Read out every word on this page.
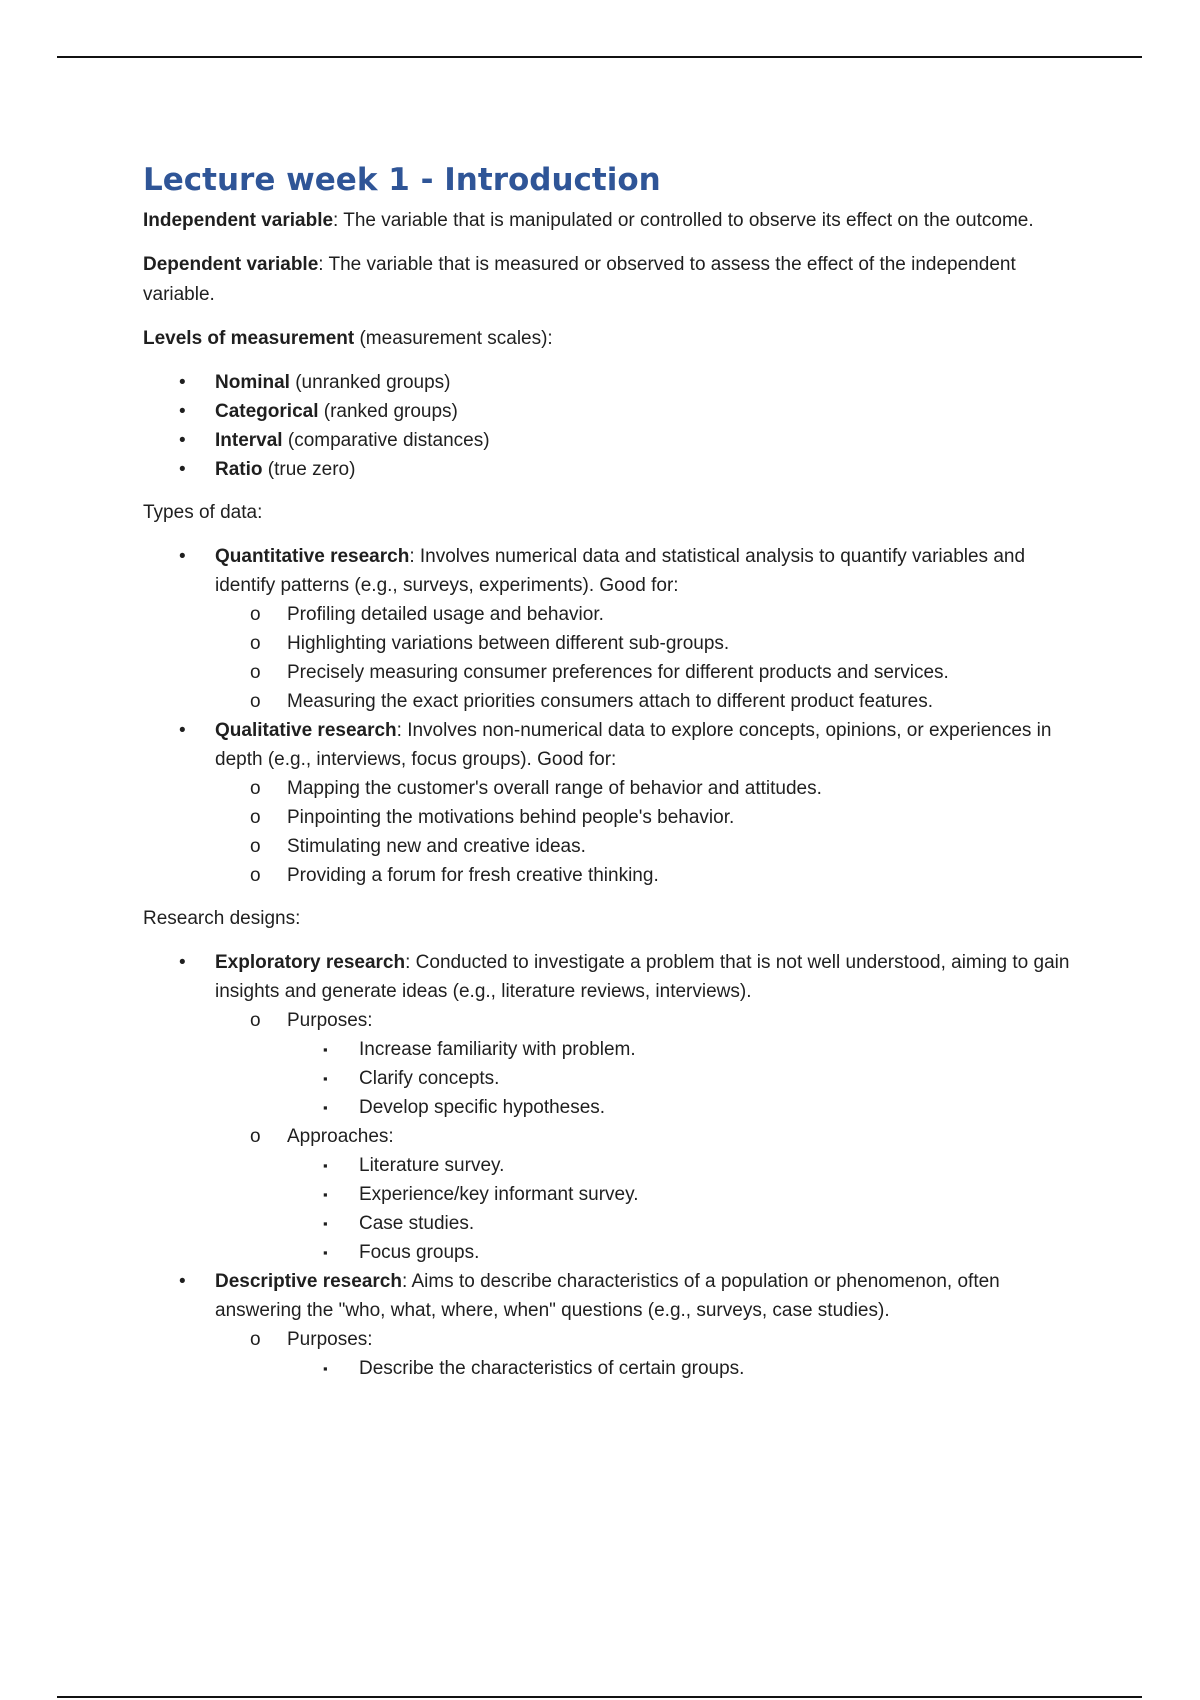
Lecture week 1 - Introduction

Independent variable: The variable that is manipulated or controlled to observe its effect on the outcome.

Dependent variable: The variable that is measured or observed to assess the effect of the independent variable.

Levels of measurement (measurement scales):

• Nominal (unranked groups)
• Categorical (ranked groups)
• Interval (comparative distances)
• Ratio (true zero)

Types of data:

• Quantitative research: Involves numerical data and statistical analysis to quantify variables and identify patterns (e.g., surveys, experiments). Good for:
o Profiling detailed usage and behavior.
o Highlighting variations between different sub-groups.
o Precisely measuring consumer preferences for different products and services.
o Measuring the exact priorities consumers attach to different product features.
• Qualitative research: Involves non-numerical data to explore concepts, opinions, or experiences in depth (e.g., interviews, focus groups). Good for:
o Mapping the customer's overall range of behavior and attitudes.
o Pinpointing the motivations behind people's behavior.
o Stimulating new and creative ideas.
o Providing a forum for fresh creative thinking.

Research designs:

• Exploratory research: Conducted to investigate a problem that is not well understood, aiming to gain insights and generate ideas (e.g., literature reviews, interviews).
o Purposes:
▪ Increase familiarity with problem.
▪ Clarify concepts.
▪ Develop specific hypotheses.
o Approaches:
▪ Literature survey.
▪ Experience/key informant survey.
▪ Case studies.
▪ Focus groups.
• Descriptive research: Aims to describe characteristics of a population or phenomenon, often answering the "who, what, where, when" questions (e.g., surveys, case studies).
o Purposes:
▪ Describe the characteristics of certain groups.
